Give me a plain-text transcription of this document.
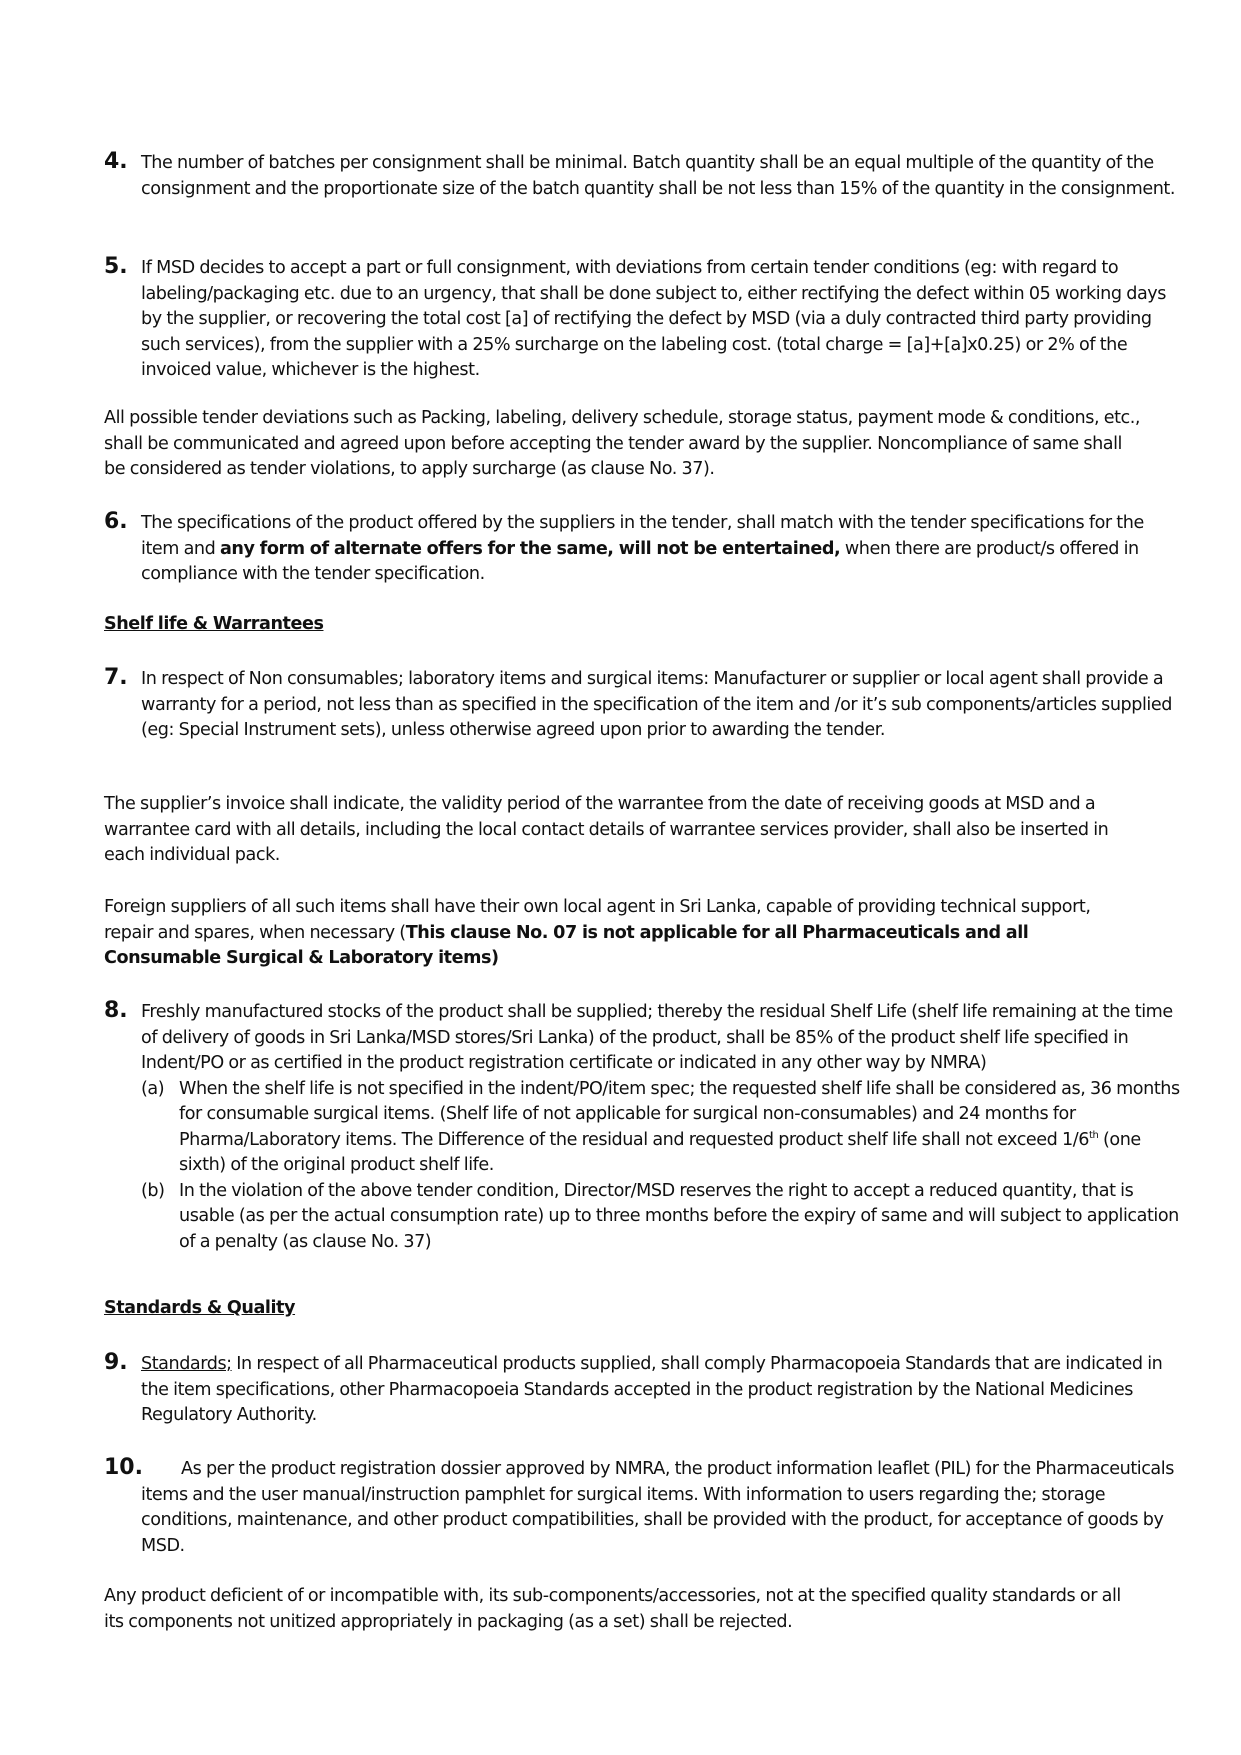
4. The number of batches per consignment shall be minimal. Batch quantity shall be an equal multiple of the quantity of the consignment and the proportionate size of the batch quantity shall be not less than 15% of the quantity in the consignment.
5. If MSD decides to accept a part or full consignment, with deviations from certain tender conditions (eg: with regard to labeling/packaging etc. due to an urgency, that shall be done subject to, either rectifying the defect within 05 working days by the supplier, or recovering the total cost [a] of rectifying the defect by MSD (via a duly contracted third party providing such services), from the supplier with a 25% surcharge on the labeling cost. (total charge = [a]+[a]x0.25) or 2% of the invoiced value, whichever is the highest.
All possible tender deviations such as Packing, labeling, delivery schedule, storage status, payment mode & conditions, etc., shall be communicated and agreed upon before accepting the tender award by the supplier. Noncompliance of same shall be considered as tender violations, to apply surcharge (as clause No. 37).
6. The specifications of the product offered by the suppliers in the tender, shall match with the tender specifications for the item and any form of alternate offers for the same, will not be entertained, when there are product/s offered in compliance with the tender specification.
Shelf life & Warrantees
7. In respect of Non consumables; laboratory items and surgical items: Manufacturer or supplier or local agent shall provide a warranty for a period, not less than as specified in the specification of the item and /or it’s sub components/articles supplied (eg: Special Instrument sets), unless otherwise agreed upon prior to awarding the tender.
The supplier’s invoice shall indicate, the validity period of the warrantee from the date of receiving goods at MSD and a warrantee card with all details, including the local contact details of warrantee services provider, shall also be inserted in each individual pack.
Foreign suppliers of all such items shall have their own local agent in Sri Lanka, capable of providing technical support, repair and spares, when necessary (This clause No. 07 is not applicable for all Pharmaceuticals and all Consumable Surgical & Laboratory items)
8. Freshly manufactured stocks of the product shall be supplied; thereby the residual Shelf Life (shelf life remaining at the time of delivery of goods in Sri Lanka/MSD stores/Sri Lanka) of the product, shall be 85% of the product shelf life specified in Indent/PO or as certified in the product registration certificate or indicated in any other way by NMRA)
(a) When the shelf life is not specified in the indent/PO/item spec; the requested shelf life shall be considered as, 36 months for consumable surgical items. (Shelf life of not applicable for surgical non-consumables) and 24 months for Pharma/Laboratory items. The Difference of the residual and requested product shelf life shall not exceed 1/6th (one sixth) of the original product shelf life.
(b) In the violation of the above tender condition, Director/MSD reserves the right to accept a reduced quantity, that is usable (as per the actual consumption rate) up to three months before the expiry of same and will subject to application of a penalty (as clause No. 37)
Standards & Quality
9. Standards; In respect of all Pharmaceutical products supplied, shall comply Pharmacopoeia Standards that are indicated in the item specifications, other Pharmacopoeia Standards accepted in the product registration by the National Medicines Regulatory Authority.
10. As per the product registration dossier approved by NMRA, the product information leaflet (PIL) for the Pharmaceuticals items and the user manual/instruction pamphlet for surgical items. With information to users regarding the; storage conditions, maintenance, and other product compatibilities, shall be provided with the product, for acceptance of goods by MSD.
Any product deficient of or incompatible with, its sub-components/accessories, not at the specified quality standards or all its components not unitized appropriately in packaging (as a set) shall be rejected.
